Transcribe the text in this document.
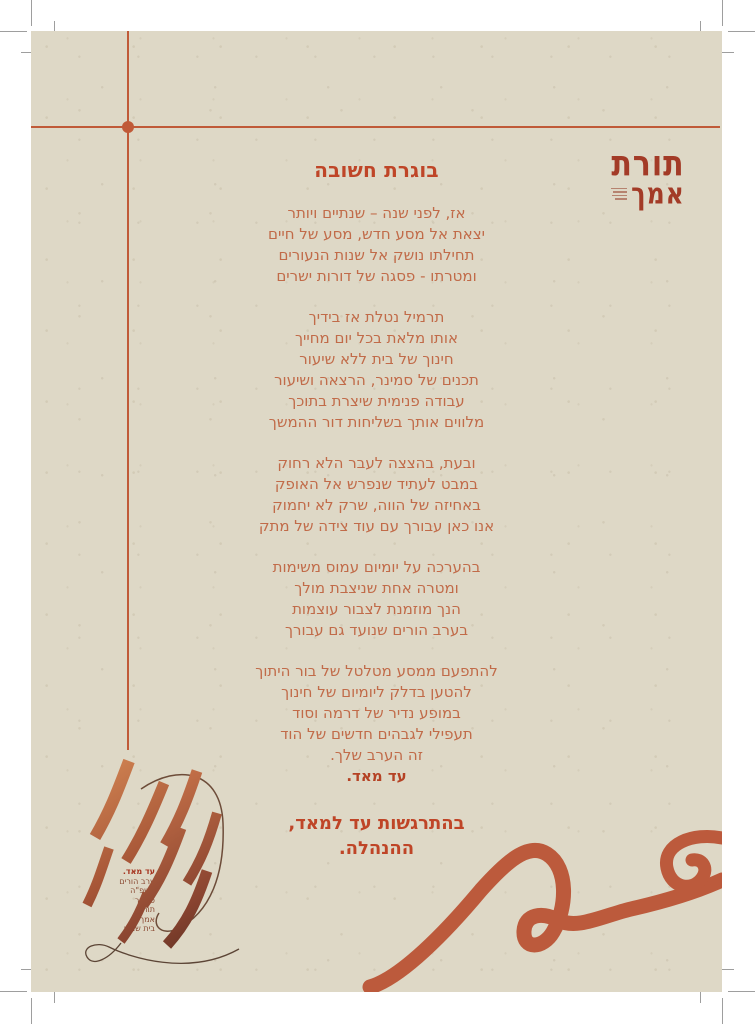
תורת
אמך
בוגרת חשובה
אז, לפני שנה – שנתיים ויותר
יצאת אל מסע חדש, מסע של חיים
תחילתו נושק אל שנות הנעורים
ומטרתו - פסגה של דורות ישרים
תרמיל נטלת אז בידיך
אותו מלאת בכל יום מחייך
חינוך של בית ללא שיעור
תכנים של סמינר, הרצאה ושיעור
עבודה פנימית שיצרת בתוכך
מלווים אותך בשליחות דור ההמשך
ובעת, בהצצה לעבר הלא רחוק
במבט לעתיד שנפרש אל האופק
באחיזה של הווה, שרק לא יחמוק
אנו כאן עבורך עם עוד צידה של מתק
בהערכה על יומיום עמוס משימות
ומטרה אחת שניצבת מולך
הנך מוזמנת לצבור עוצמות
בערב הורים שנועד גם עבורך
להתפעם ממסע מטלטל של בור היתוך
להטען בדלק ליומיום של חינוך
במופע נדיר של דרמה וסוד
תעפילי לגבהים חדשים של הוד
זה הערב שלך.
עד מאד.
בהתרגשות עד למאד,
ההנהלה.
עד מאד.
ערב הורים
תשפ"ה
סמינר
תורת
אמך
בית שמש
